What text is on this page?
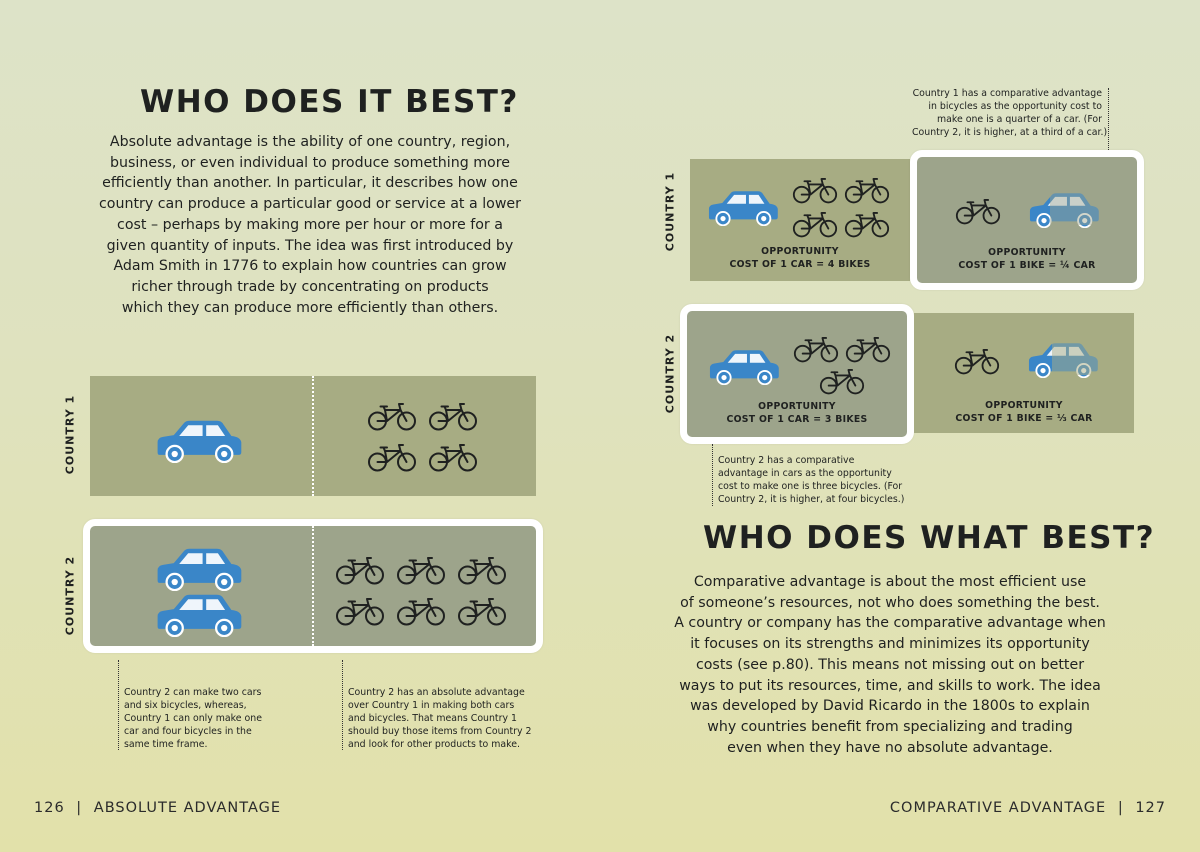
WHO DOES IT BEST?
Absolute advantage is the ability of one country, region,
business, or even individual to produce something more
efficiently than another. In particular, it describes how one
country can produce a particular good or service at a lower
cost – perhaps by making more per hour or more for a
given quantity of inputs. The idea was first introduced by
Adam Smith in 1776 to explain how countries can grow
richer through trade by concentrating on products
which they can produce more efficiently than others.
COUNTRY 1
COUNTRY 2
Country 2 can make two cars
and six bicycles, whereas,
Country 1 can only make one
car and four bicycles in the
same time frame.
Country 2 has an absolute advantage
over Country 1 in making both cars
and bicycles. That means Country 1
should buy those items from Country 2
and look for other products to make.
126 | ABSOLUTE ADVANTAGE
Country 1 has a comparative advantage
in bicycles as the opportunity cost to
make one is a quarter of a car. (For
Country 2, it is higher, at a third of a car.)
COUNTRY 1
OPPORTUNITY
COST OF 1 CAR = 4 BIKES
OPPORTUNITY
COST OF 1 BIKE = ¼ CAR
COUNTRY 2	OPPORTUNITY
COST OF 1 CAR = 3 BIKES
OPPORTUNITY
COST OF 1 BIKE = ⅓ CAR
Country 2 has a comparative
advantage in cars as the opportunity
cost to make one is three bicycles. (For
Country 2, it is higher, at four bicycles.)
WHO DOES WHAT BEST?
Comparative advantage is about the most efficient use
of someone’s resources, not who does something the best.
A country or company has the comparative advantage when
it focuses on its strengths and minimizes its opportunity
costs (see p.80). This means not missing out on better
ways to put its resources, time, and skills to work. The idea
was developed by David Ricardo in the 1800s to explain
why countries benefit from specializing and trading
even when they have no absolute advantage.
COMPARATIVE ADVANTAGE | 127
